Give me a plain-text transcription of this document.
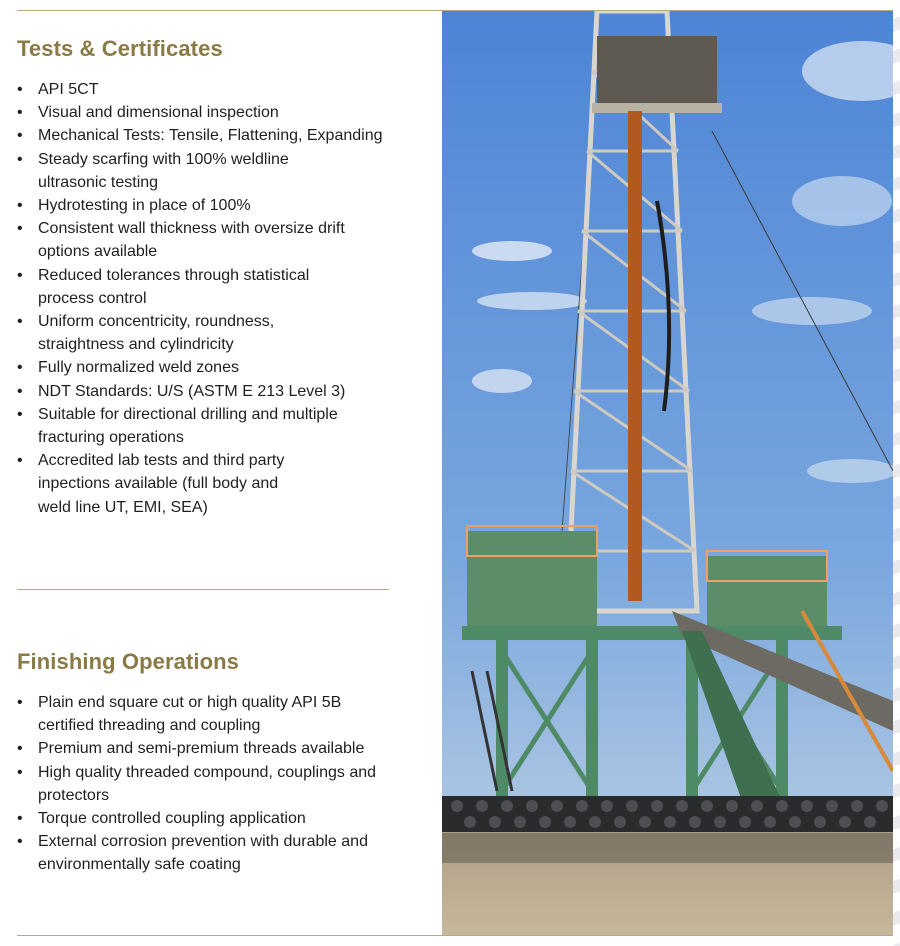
Tests & Certificates
• API 5CT
• Visual and dimensional inspection
• Mechanical Tests: Tensile, Flattening, Expanding
• Steady scarfing with 100% weldline
ultrasonic testing
• Hydrotesting in place of 100%
• Consistent wall thickness with oversize drift
options available
• Reduced tolerances through statistical
process control
• Uniform concentricity, roundness,
straightness and cylindricity
• Fully normalized weld zones
• NDT Standards: U/S (ASTM E 213 Level 3)
• Suitable for directional drilling and multiple
fracturing operations
• Accredited lab tests and third party
inpections available (full body and
weld line UT, EMI, SEA)
Finishing Operations
• Plain end square cut or high quality API 5B
certified threading and coupling
• Premium and semi-premium threads available
• High quality threaded compound, couplings and
protectors
• Torque controlled coupling application
• External corrosion prevention with durable and
environmentally safe coating
